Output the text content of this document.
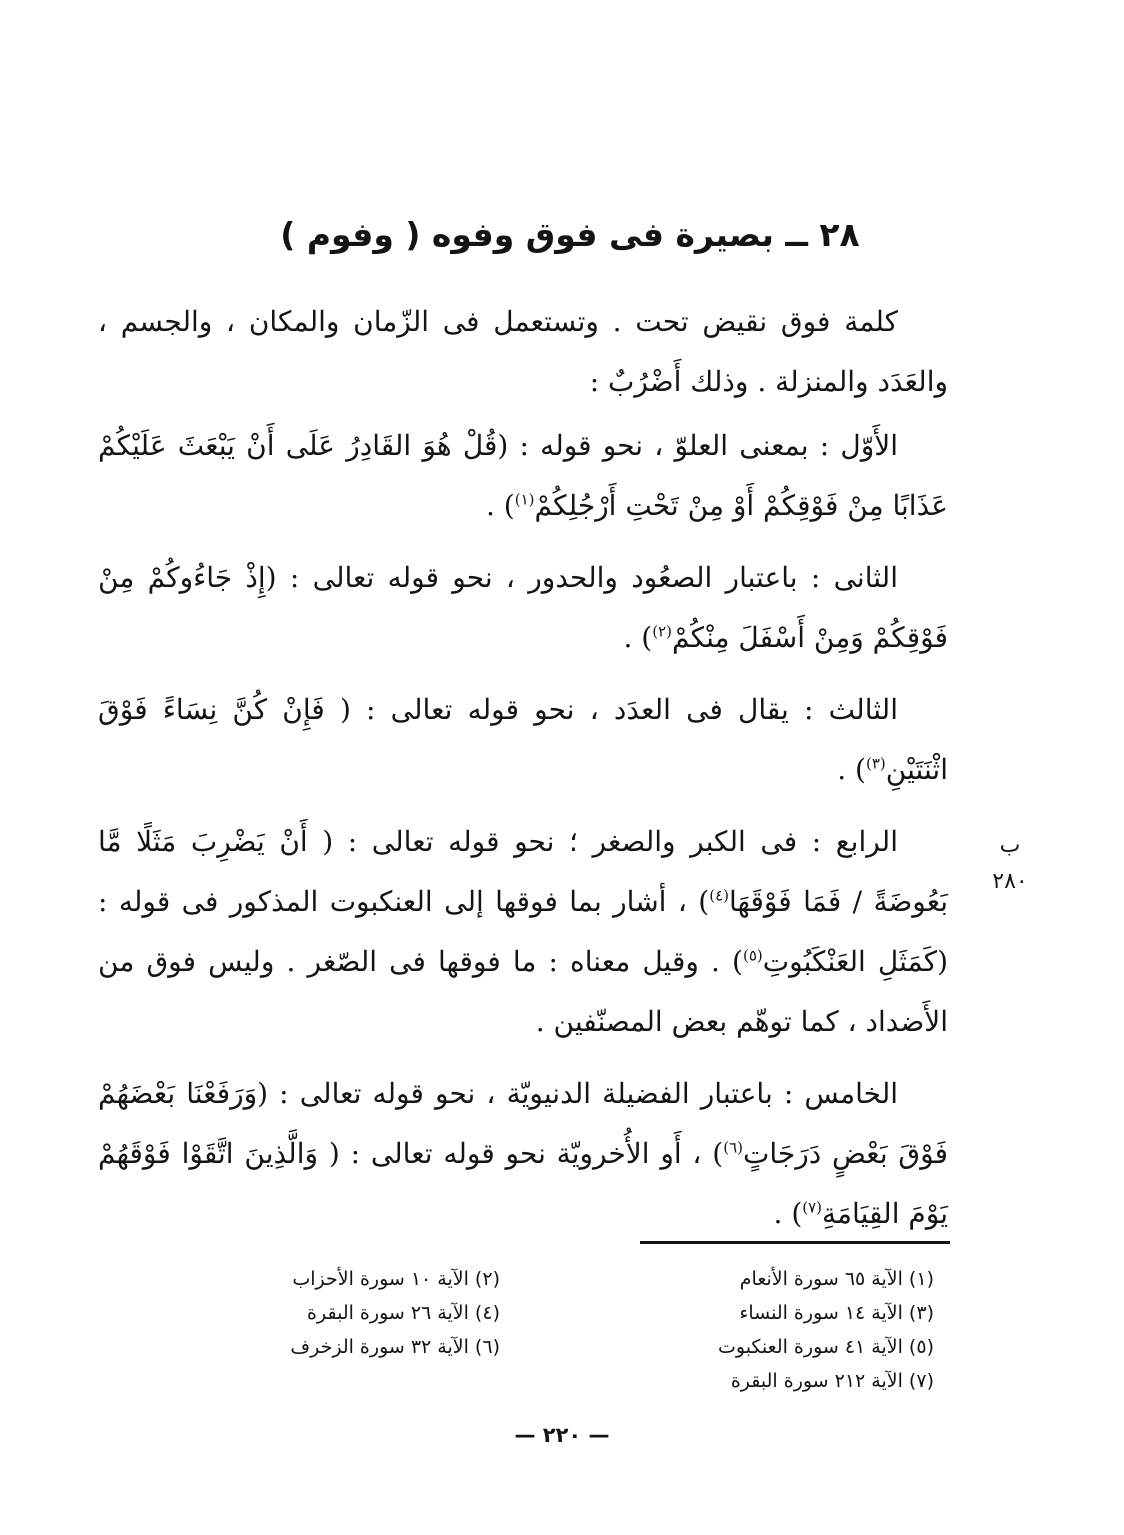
٢٨ ــ بصيرة فى فوق وفوه ( وفوم )
ب
٢٨٠

كلمة فوق نقيض تحت . وتستعمل فى الزّمان والمكان ، والجسم ، والعَدَد والمنزلة . وذلك أَضْرُبٌ :

الأَوّل : بمعنى العلوّ ، نحو قوله : (قُلْ هُوَ القَادِرُ عَلَى أَنْ يَبْعَثَ عَلَيْكُمْ عَذَابًا مِنْ فَوْقِكُمْ أَوْ مِنْ تَحْتِ أَرْجُلِكُمْ$^{(١)}$) .

الثانى : باعتبار الصعُود والحدور ، نحو قوله تعالى : (إِذْ جَاءُوكُمْ مِنْ فَوْقِكُمْ وَمِنْ أَسْفَلَ مِنْكُمْ$^{(٢)}$) .

الثالث : يقال فى العدَد ، نحو قوله تعالى : ( فَإِنْ كُنَّ نِسَاءً فَوْقَ اثْنَتَيْنِ$^{(٣)}$) .

الرابع : فى الكبر والصغر ؛ نحو قوله تعالى : ( أَنْ يَضْرِبَ مَثَلًا مَّا بَعُوضَةً / فَمَا فَوْقَهَا$^{(٤)}$) ، أشار بما فوقها إلى العنكبوت المذكور فى قوله : (كَمَثَلِ العَنْكَبُوتِ$^{(٥)}$) . وقيل معناه : ما فوقها فى الصّغر . وليس فوق من الأَضداد ، كما توهّم بعض المصنّفين .

الخامس : باعتبار الفضيلة الدنيويّة ، نحو قوله تعالى : (وَرَفَعْنَا بَعْضَهُمْ فَوْقَ بَعْضٍ دَرَجَاتٍ$^{(٦)}$) ، أَو الأُخرويّة نحو قوله تعالى : ( وَالَّذِينَ اتَّقَوْا فَوْقَهُمْ يَوْمَ القِيَامَةِ$^{(٧)}$) .

(١) الآية ٦٥ سورة الأنعام
(٣) الآية ١٤ سورة النساء
(٥) الآية ٤١ سورة العنكبوت
(٧) الآية ٢١٢ سورة البقرة
(٢) الآية ١٠ سورة الأحزاب
(٤) الآية ٢٦ سورة البقرة
(٦) الآية ٣٢ سورة الزخرف
— ٢٢٠ —
